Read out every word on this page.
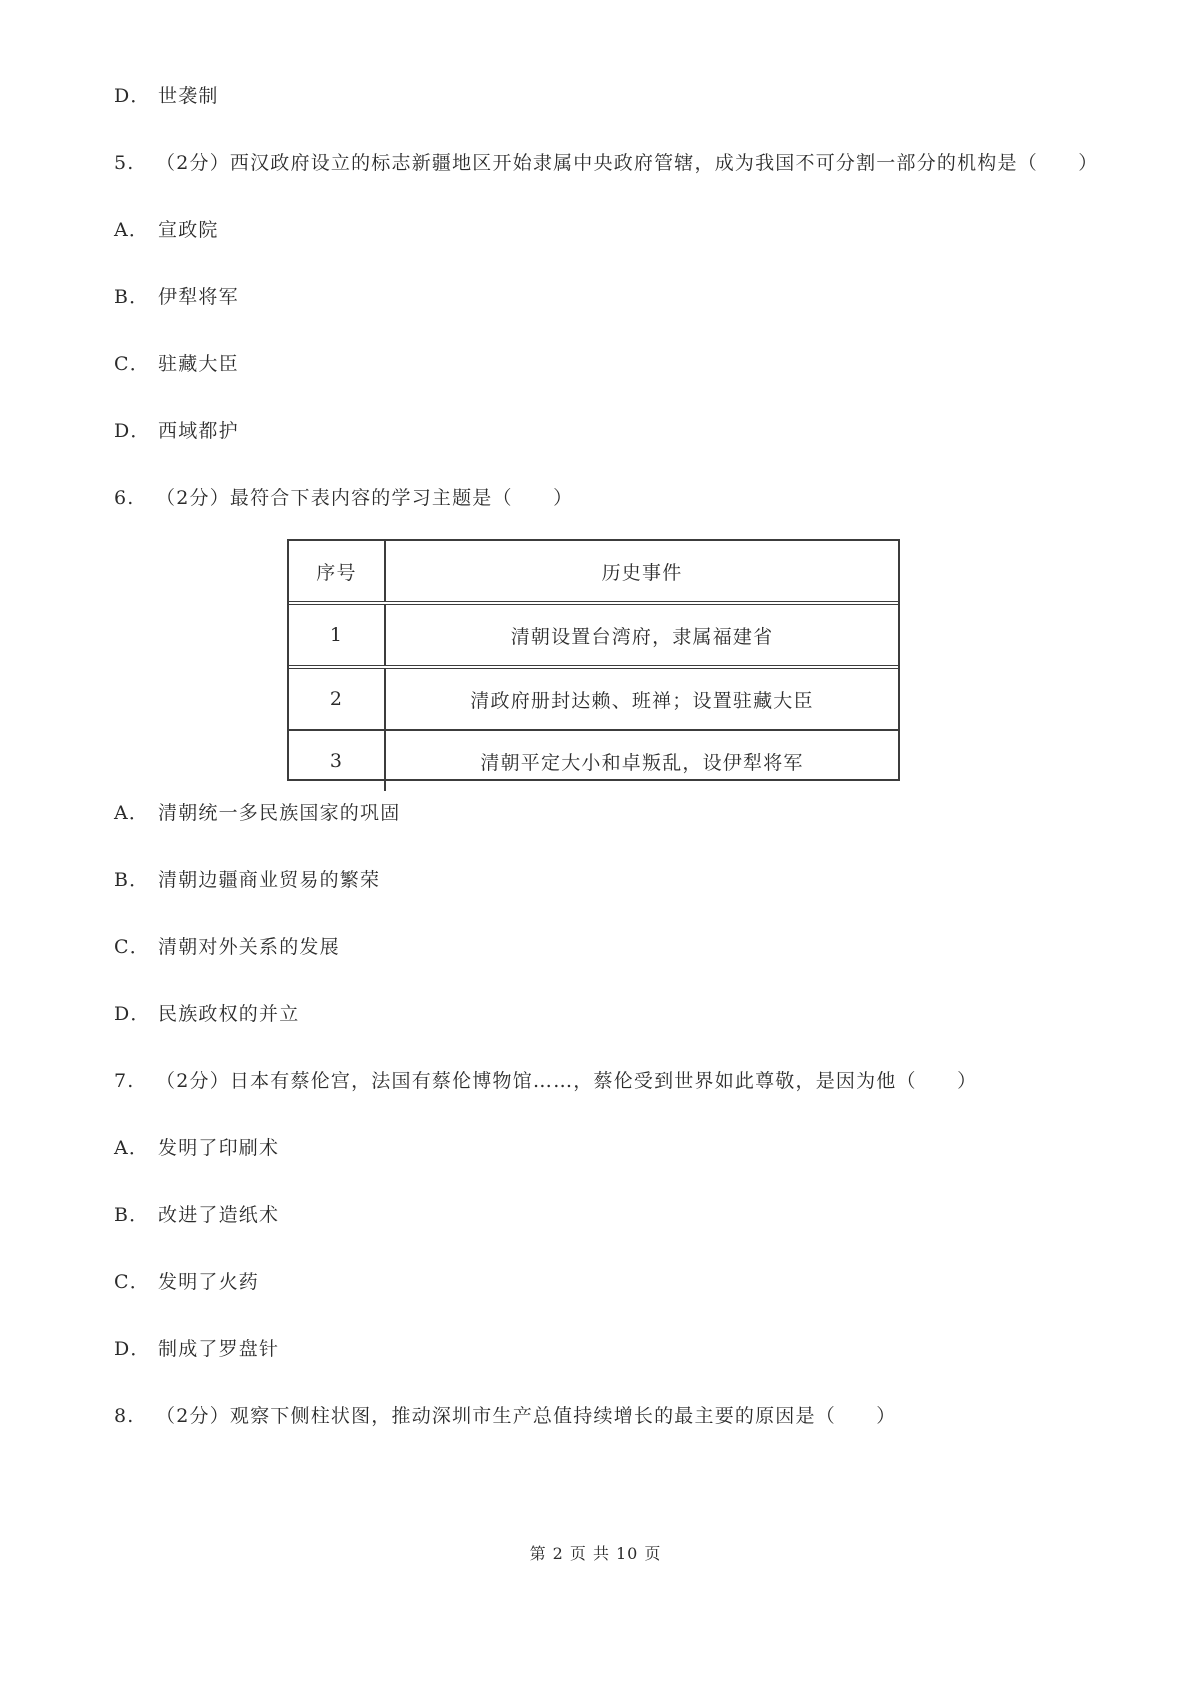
D． 世袭制
5. （2分）西汉政府设立的标志新疆地区开始隶属中央政府管辖，成为我国不可分割一部分的机构是（　　）
A． 宣政院
B． 伊犁将军
C． 驻藏大臣
D． 西域都护
6. （2分）最符合下表内容的学习主题是（　　）
序号	历史事件
1	清朝设置台湾府，隶属福建省
2	清政府册封达赖、班禅；设置驻藏大臣
3	清朝平定大小和卓叛乱，设伊犁将军
A． 清朝统一多民族国家的巩固
B． 清朝边疆商业贸易的繁荣
C． 清朝对外关系的发展
D． 民族政权的并立
7. （2分）日本有蔡伦宫，法国有蔡伦博物馆……，蔡伦受到世界如此尊敬，是因为他（　　）
A． 发明了印刷术
B． 改进了造纸术
C． 发明了火药
D． 制成了罗盘针
8. （2分）观察下侧柱状图，推动深圳市生产总值持续增长的最主要的原因是（　　）
第 2 页 共 10 页
